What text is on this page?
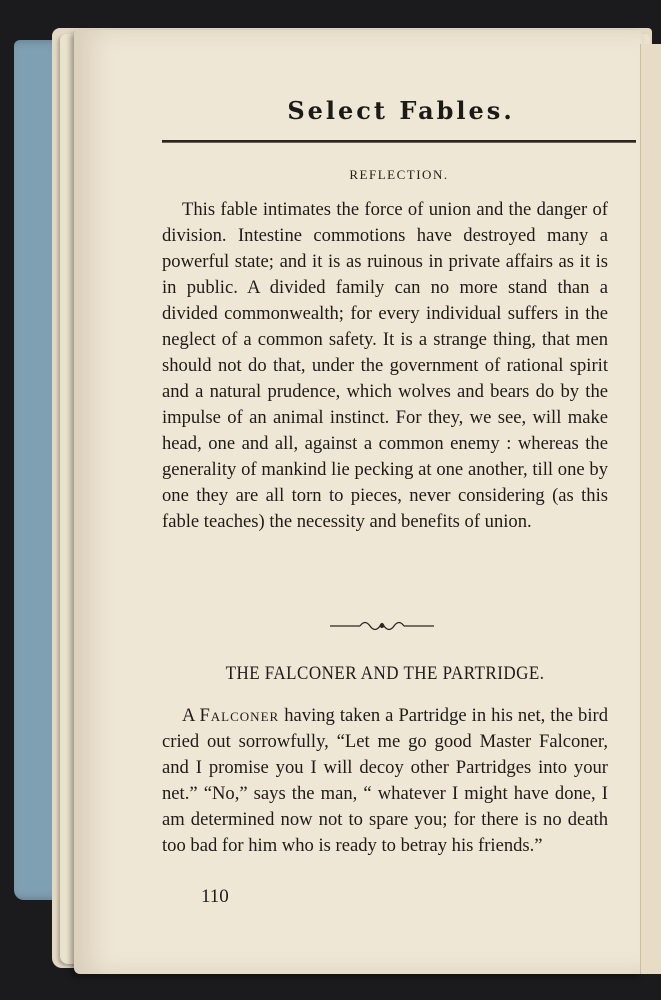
Select Fables.
REFLECTION.

This fable intimates the force of union and the danger of division. Intestine commotions have destroyed many a powerful state; and it is as ruinous in private affairs as it is in public. A divided family can no more stand than a divided commonwealth; for every individual suffers in the neglect of a common safety. It is a strange thing, that men should not do that, under the government of rational spirit and a natural prudence, which wolves and bears do by the impulse of an animal instinct. For they, we see, will make head, one and all, against a common enemy : whereas the generality of mankind lie pecking at one another, till one by one they are all torn to pieces, never considering (as this fable teaches) the necessity and benefits of union.

THE FALCONER AND THE PARTRIDGE.

A Falconer having taken a Partridge in his net, the bird cried out sorrowfully, “Let me go good Master Falconer, and I promise you I will decoy other Partridges into your net.” “No,” says the man, “ whatever I might have done, I am determined now not to spare you; for there is no death too bad for him who is ready to betray his friends.”

110
